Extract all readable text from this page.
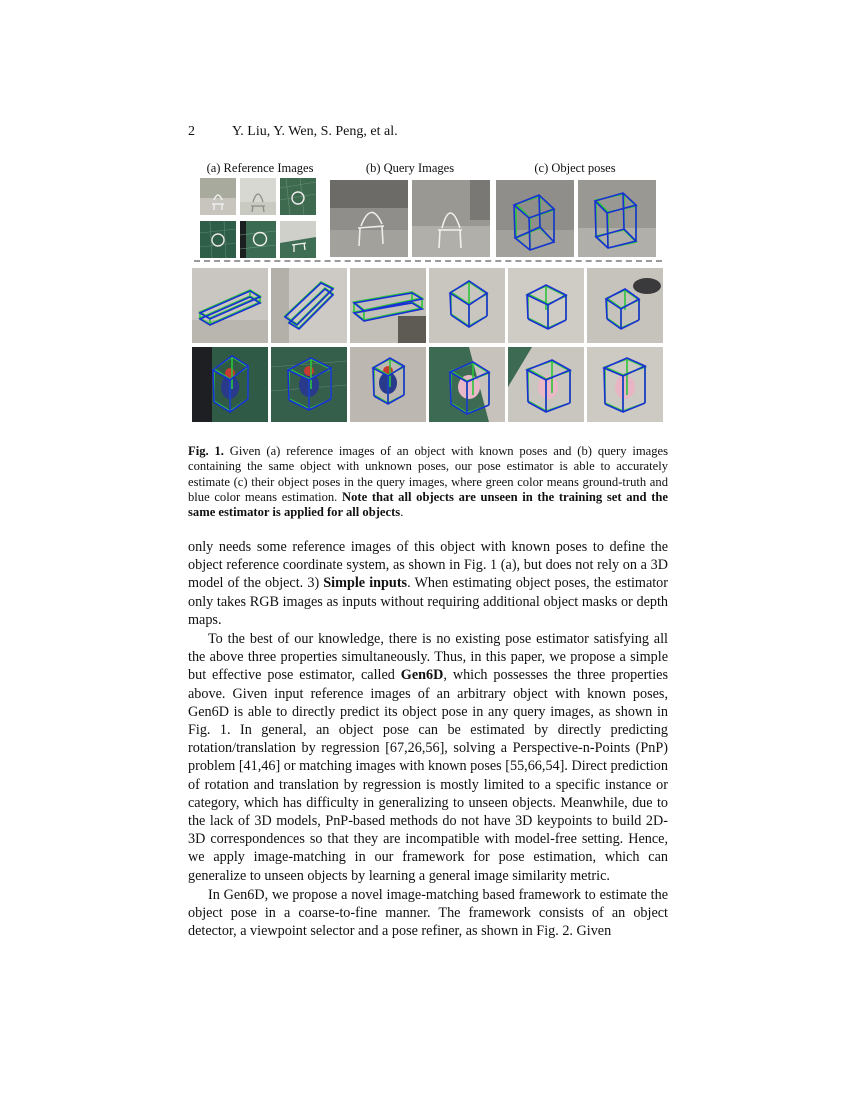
2	Y. Liu, Y. Wen, S. Peng, et al.
(a) Reference Images	(b) Query Images	(c) Object poses
Fig. 1. Given (a) reference images of an object with known poses and (b) query images containing the same object with unknown poses, our pose estimator is able to accurately estimate (c) their object poses in the query images, where green color means ground-truth and blue color means estimation. Note that all objects are unseen in the training set and the same estimator is applied for all objects.

only needs some reference images of this object with known poses to define the object reference coordinate system, as shown in Fig. 1 (a), but does not rely on a 3D model of the object. 3) Simple inputs. When estimating object poses, the estimator only takes RGB images as inputs without requiring additional object masks or depth maps.

To the best of our knowledge, there is no existing pose estimator satisfying all the above three properties simultaneously. Thus, in this paper, we propose a simple but effective pose estimator, called Gen6D, which possesses the three properties above. Given input reference images of an arbitrary object with known poses, Gen6D is able to directly predict its object pose in any query images, as shown in Fig. 1. In general, an object pose can be estimated by directly predicting rotation/translation by regression [67,26,56], solving a Perspective-n-Points (PnP) problem [41,46] or matching images with known poses [55,66,54]. Direct prediction of rotation and translation by regression is mostly limited to a specific instance or category, which has difficulty in generalizing to unseen objects. Meanwhile, due to the lack of 3D models, PnP-based methods do not have 3D keypoints to build 2D-3D correspondences so that they are incompatible with model-free setting. Hence, we apply image-matching in our framework for pose estimation, which can generalize to unseen objects by learning a general image similarity metric.

In Gen6D, we propose a novel image-matching based framework to estimate the object pose in a coarse-to-fine manner. The framework consists of an object detector, a viewpoint selector and a pose refiner, as shown in Fig. 2. Given
